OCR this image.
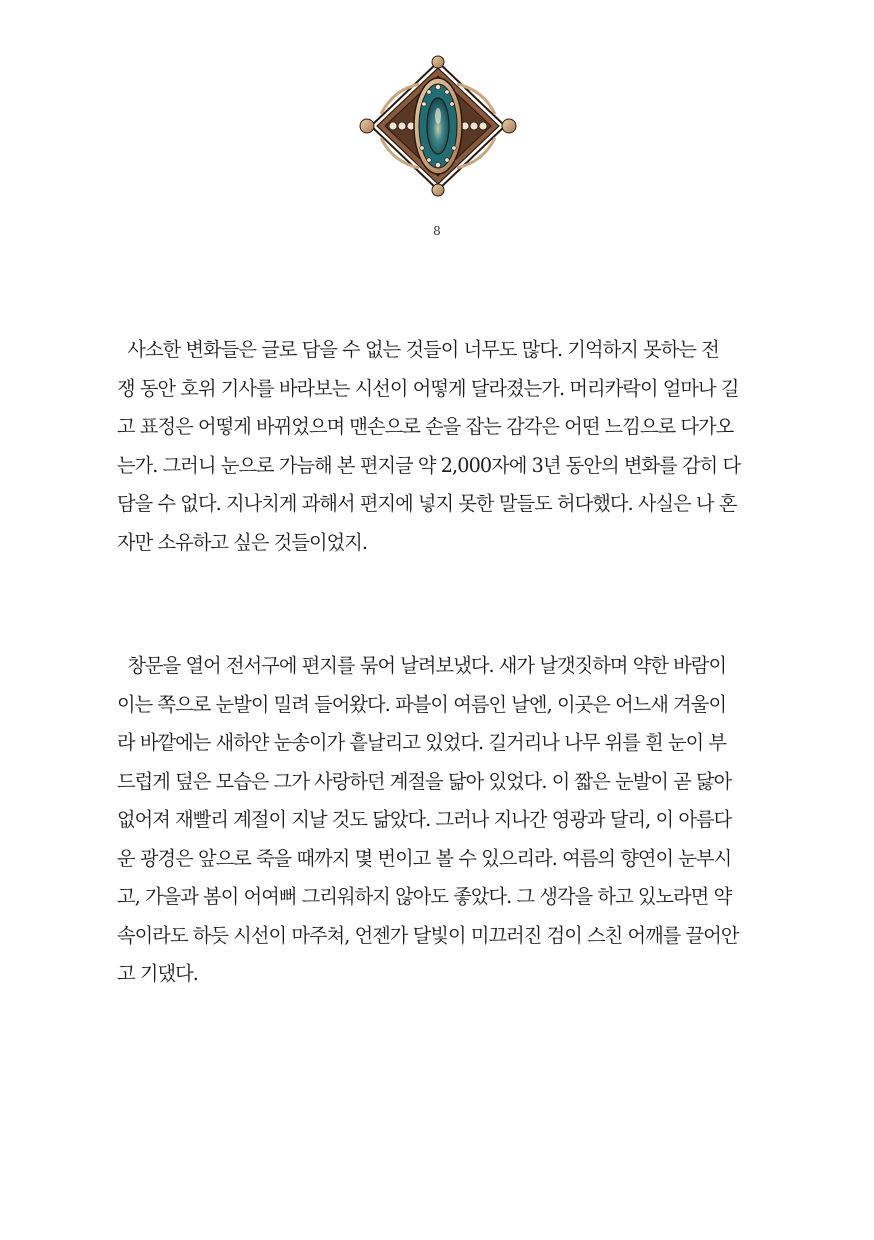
8
사소한 변화들은 글로 담을 수 없는 것들이 너무도 많다. 기억하지 못하는 전
쟁 동안 호위 기사를 바라보는 시선이 어떻게 달라졌는가. 머리카락이 얼마나 길
고 표정은 어떻게 바뀌었으며 맨손으로 손을 잡는 감각은 어떤 느낌으로 다가오
는가. 그러니 눈으로 가늠해 본 편지글 약 2,000자에 3년 동안의 변화를 감히 다
담을 수 없다. 지나치게 과해서 편지에 넣지 못한 말들도 허다했다. 사실은 나 혼
자만 소유하고 싶은 것들이었지.
창문을 열어 전서구에 편지를 묶어 날려보냈다. 새가 날갯짓하며 약한 바람이
이는 쪽으로 눈발이 밀려 들어왔다. 파블이 여름인 날엔, 이곳은 어느새 겨울이
라 바깥에는 새하얀 눈송이가 흩날리고 있었다. 길거리나 나무 위를 흰 눈이 부
드럽게 덮은 모습은 그가 사랑하던 계절을 닮아 있었다. 이 짧은 눈발이 곧 닳아
없어져 재빨리 계절이 지날 것도 닮았다. 그러나 지나간 영광과 달리, 이 아름다
운 광경은 앞으로 죽을 때까지 몇 번이고 볼 수 있으리라. 여름의 향연이 눈부시
고, 가을과 봄이 어여뻐 그리워하지 않아도 좋았다. 그 생각을 하고 있노라면 약
속이라도 하듯 시선이 마주쳐, 언젠가 달빛이 미끄러진 검이 스친 어깨를 끌어안
고 기댔다.
